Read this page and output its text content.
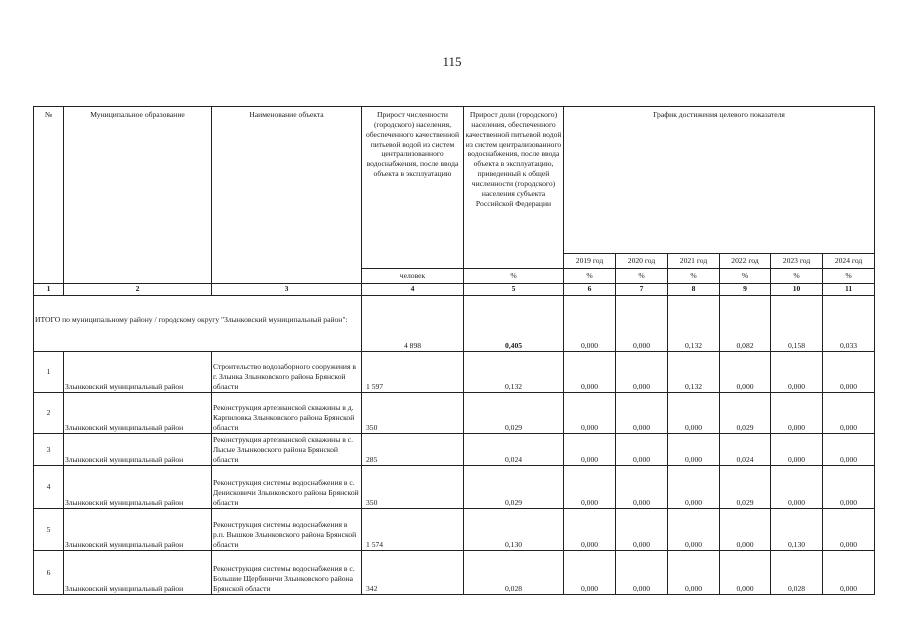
115
№	Муниципальное образование	Наименование объекта	Прирост численности (городского) населения, обеспеченного качественной питьевой водой из систем централизованного водоснабжения, после ввода объекта в эксплуатацию	Прирост доли (городского) населения, обеспеченного качественной питьевой водой из систем централизованного водоснабжения, после ввода объекта в эксплуатацию, приведенный к общей численности (городского) населения субъекта Российской Федерации	График достижения целевого показателя					
					2019 год	2020 год	2021 год	2022 год	2023 год	2024 год
			человек	%	%	%	%	%	%	%
1	2	3	4	5	6	7	8	9	10	11
ИТОГО по муниципальному району / городскому округу "Злынковский муниципальный район":			4 898	0,405	0,000	0,000	0,132	0,082	0,158	0,033
1	Злынковский муниципальный район	Строительство водозаборного сооружения в г. Злынка Злынковского района Брянской области	1 597	0,132	0,000	0,000	0,132	0,000	0,000	0,000
2	Злынковский муниципальный район	Реконструкция артезианской скважины в д. Карпиловка Злынковского района Брянской области	350	0,029	0,000	0,000	0,000	0,029	0,000	0,000
3	Злынковский муниципальный район	Реконструкция артезианской скважины в с. Лысые Злынковского района Брянской области	285	0,024	0,000	0,000	0,000	0,024	0,000	0,000
4	Злынковский муниципальный район	Реконструкция системы водоснабжения в с. Денисковичи Злынковского района Брянской области	350	0,029	0,000	0,000	0,000	0,029	0,000	0,000
5	Злынковский муниципальный район	Реконструкция системы водоснабжения в р.п. Вышков Злынковского района Брянской области	1 574	0,130	0,000	0,000	0,000	0,000	0,130	0,000
6	Злынковский муниципальный район	Реконструкция системы водоснабжения в с. Большие Щербиничи Злынковского района Брянской области	342	0,028	0,000	0,000	0,000	0,000	0,028	0,000
